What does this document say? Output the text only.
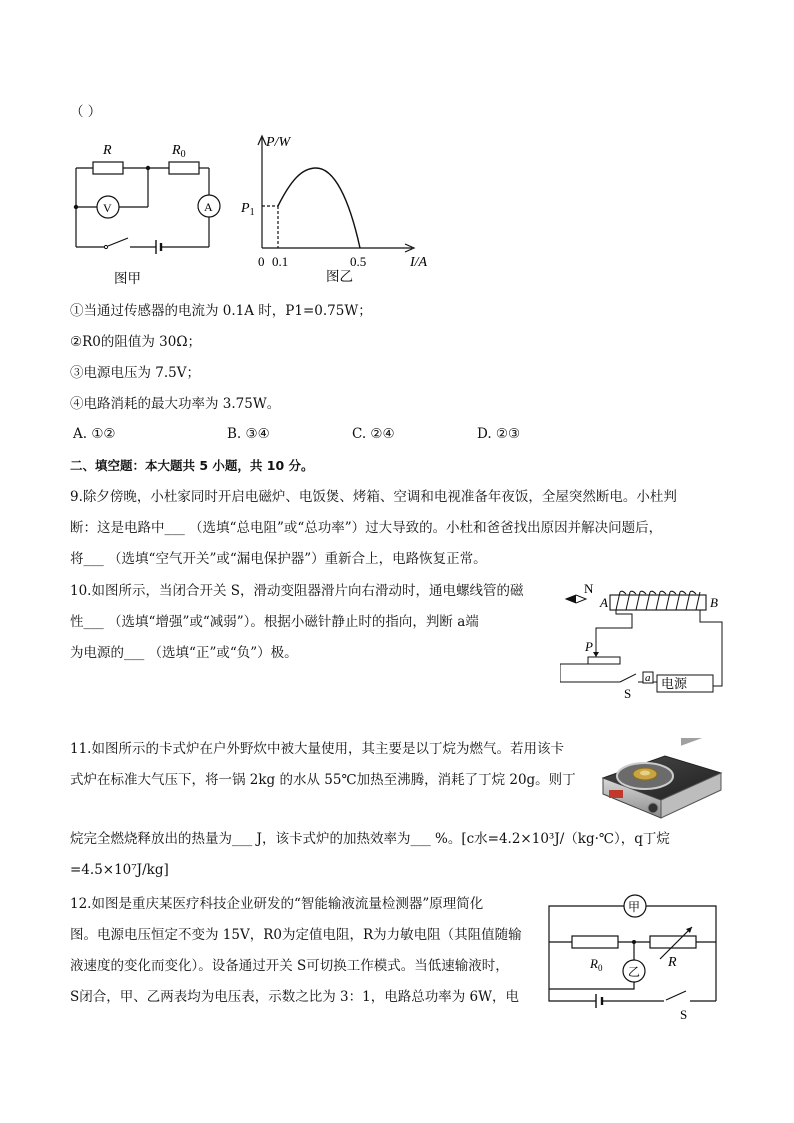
（ ）
R	$R_0$
V	A
图甲
P/W
$P_1$
0 0.1	0.5	I/A
图乙
①当通过传感器的电流为 0.1A 时，P1=0.75W；
②R0的阻值为 30Ω；
③电源电压为 7.5V；
④电路消耗的最大功率为 3.75W。
A. ①②	B. ③④	C. ②④	D. ②③
二、填空题：本大题共 5 小题，共 10 分。
9.除夕傍晚，小杜家同时开启电磁炉、电饭煲、烤箱、空调和电视准备年夜饭，全屋突然断电。小杜判
断：这是电路中___ （选填“总电阻”或“总功率”）过大导致的。小杜和爸爸找出原因并解决问题后，
将___ （选填“空气开关”或“漏电保护器”）重新合上，电路恢复正常。
10.如图所示，当闭合开关 S，滑动变阻器滑片向右滑动时，通电螺线管的磁
性___ （选填“增强”或“减弱”）。根据小磁针静止时的指向，判断 a端
为电源的___ （选填“正”或“负”）极。
N
P
A	B
a 电源
S
11.如图所示的卡式炉在户外野炊中被大量使用，其主要是以丁烷为燃气。若用该卡
式炉在标准大气压下，将一锅 2kg 的水从 55℃加热至沸腾，消耗了丁烷 20g。则丁
烷完全燃烧释放出的热量为___ J，该卡式炉的加热效率为___ %。[c水=4.2×10³J/（kg·℃），q丁烷
=4.5×10⁷J/kg]
12.如图是重庆某医疗科技企业研发的“智能输液流量检测器”原理简化
图。电源电压恒定不变为 15V，R0为定值电阻，R为力敏电阻（其阻值随输
液速度的变化而变化）。设备通过开关 S可切换工作模式。当低速输液时，
S闭合，甲、乙两表均为电压表，示数之比为 3：1，电路总功率为 6W，电
甲
乙
$R_0$	R
S
